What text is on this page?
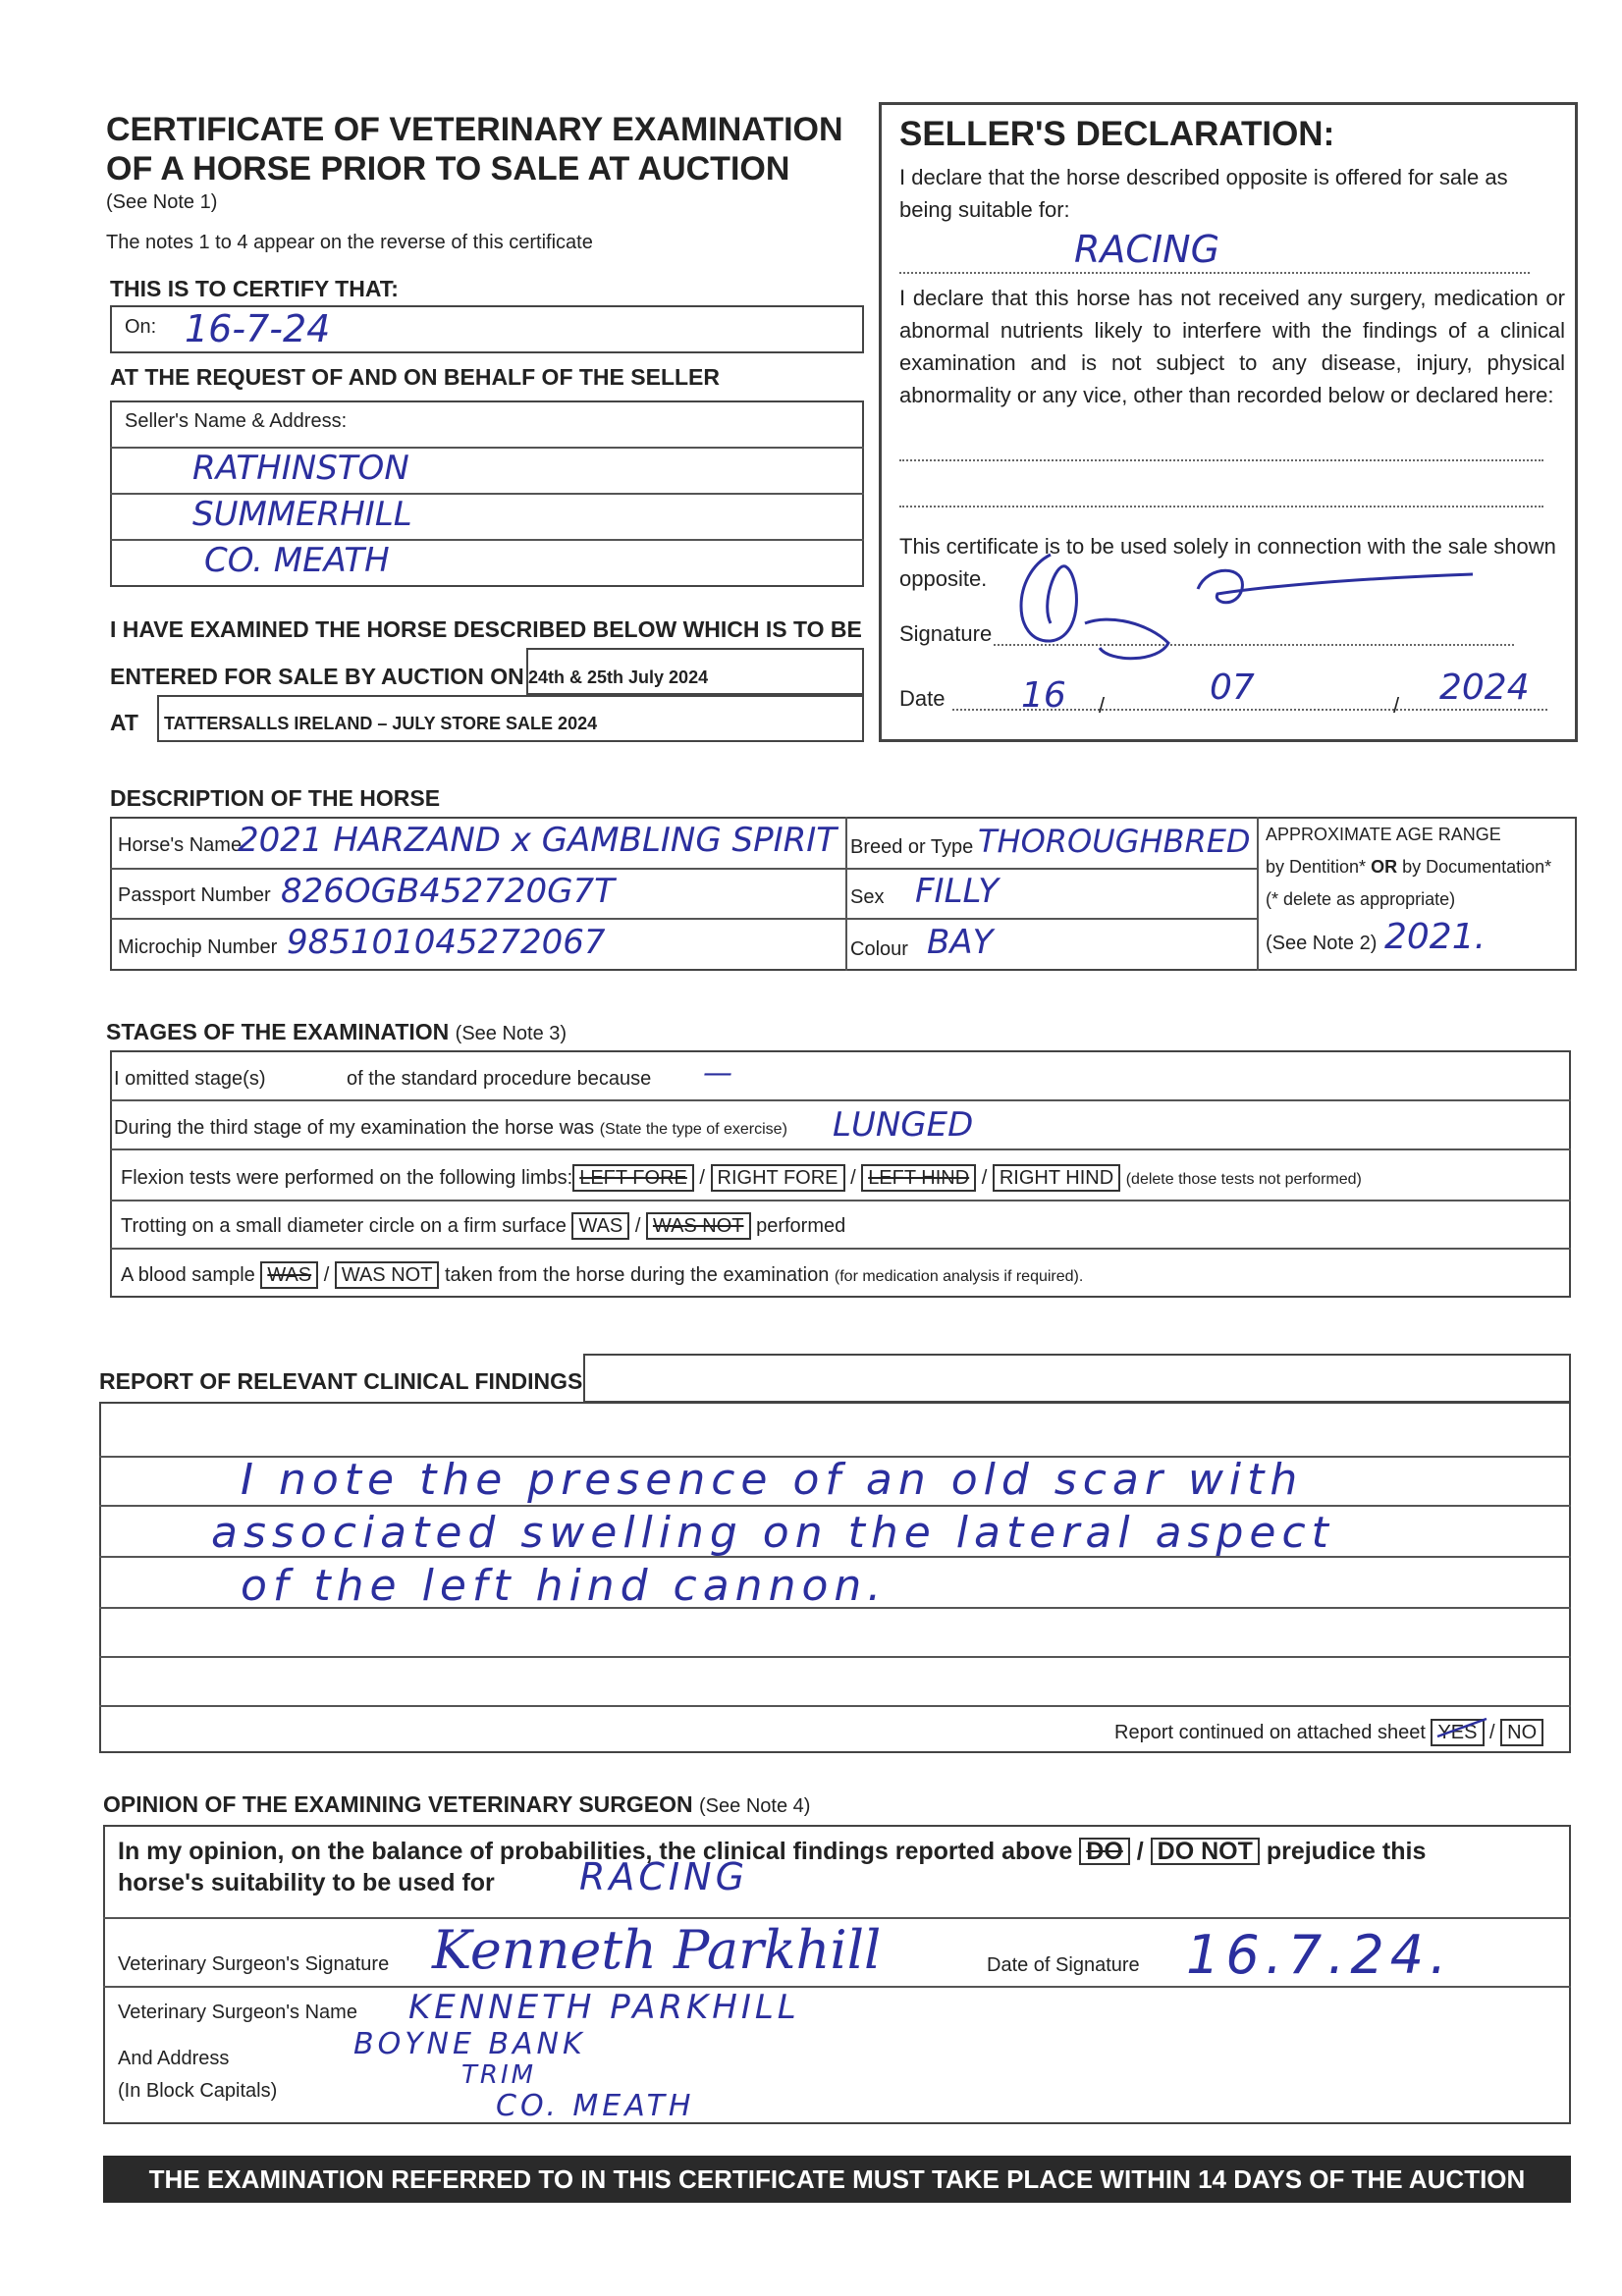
CERTIFICATE OF VETERINARY EXAMINATION
OF A HORSE PRIOR TO SALE AT AUCTION
(See Note 1)
The notes 1 to 4 appear on the reverse of this certificate
THIS IS TO CERTIFY THAT:
On: 16-7-24
AT THE REQUEST OF AND ON BEHALF OF THE SELLER
Seller's Name & Address:
RATHINSTON
SUMMERHILL
CO. MEATH
I HAVE EXAMINED THE HORSE DESCRIBED BELOW WHICH IS TO BE
ENTERED FOR SALE BY AUCTION ON 24th & 25th July 2024
AT TATTERSALLS IRELAND – JULY STORE SALE 2024
SELLER'S DECLARATION:
I declare that the horse described opposite is offered for sale as being suitable for:
RACING
I declare that this horse has not received any surgery, medication or abnormal nutrients likely to interfere with the findings of a clinical examination and is not subject to any disease, injury, physical abnormality or any vice, other than recorded below or declared here:
This certificate is to be used solely in connection with the sale shown opposite.
Signature
Date	/	/
16	07	2024
DESCRIPTION OF THE HORSE
Horse's Name
2021 HARZAND x GAMBLING SPIRIT
Passport Number 826OGB452720G7T
Microchip Number 985101045272067
Breed or Type THOROUGHBRED
Sex FILLY
Colour BAY
APPROXIMATE AGE RANGE
by Dentition* OR by Documentation*
(* delete as appropriate)
(See Note 2) 2021.
STAGES OF THE EXAMINATION (See Note 3)
I omitted stage(s)	of the standard procedure because —
During the third stage of my examination the horse was (State the type of exercise) LUNGED
Flexion tests were performed on the following limbs: LEFT FORE / RIGHT FORE / LEFT HIND / RIGHT HIND (delete those tests not performed)
Trotting on a small diameter circle on a firm surface WAS / WAS NOT performed
A blood sample WAS / WAS NOT taken from the horse during the examination (for medication analysis if required).
REPORT OF RELEVANT CLINICAL FINDINGS
I note the presence of an old scar with
associated swelling on the lateral aspect
of the left hind cannon.
Report continued on attached sheet YES / NO
OPINION OF THE EXAMINING VETERINARY SURGEON (See Note 4)
In my opinion, on the balance of probabilities, the clinical findings reported above DO / DO NOT prejudice this
horse's suitability to be used for RACING
Veterinary Surgeon's Signature Kenneth Parkhill	Date of Signature 16.7.24.
Veterinary Surgeon's Name KENNETH PARKHILL
And Address
(In Block Capitals)
BOYNE BANK
TRIM
CO. MEATH
THE EXAMINATION REFERRED TO IN THIS CERTIFICATE MUST TAKE PLACE WITHIN 14 DAYS OF THE AUCTION
